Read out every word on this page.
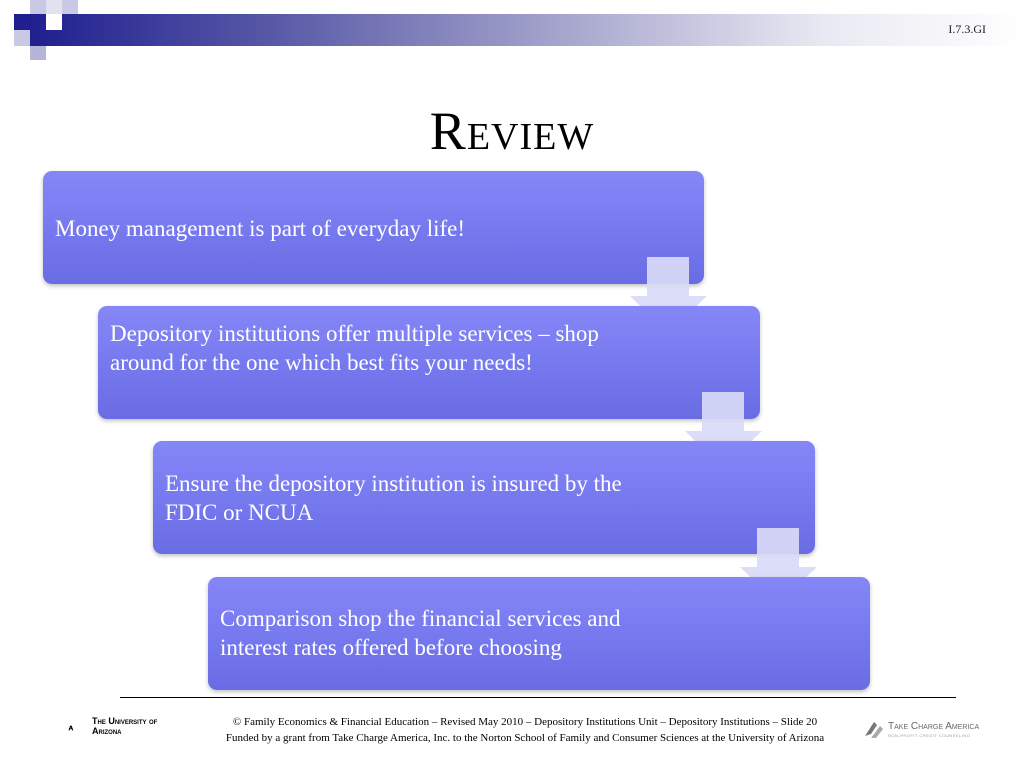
I.7.3.GI
Review
Money management is part of everyday life!
Depository institutions offer multiple services – shop around for the one which best fits your needs!
Ensure the depository institution is insured by the FDIC or NCUA
Comparison shop the financial services and interest rates offered before choosing
The University of Arizona
© Family Economics & Financial Education – Revised May 2010 – Depository Institutions Unit – Depository Institutions – Slide 20
Funded by a grant from Take Charge America, Inc. to the Norton School of Family and Consumer Sciences at the University of Arizona
Take Charge America
NON-PROFIT CREDIT COUNSELING
